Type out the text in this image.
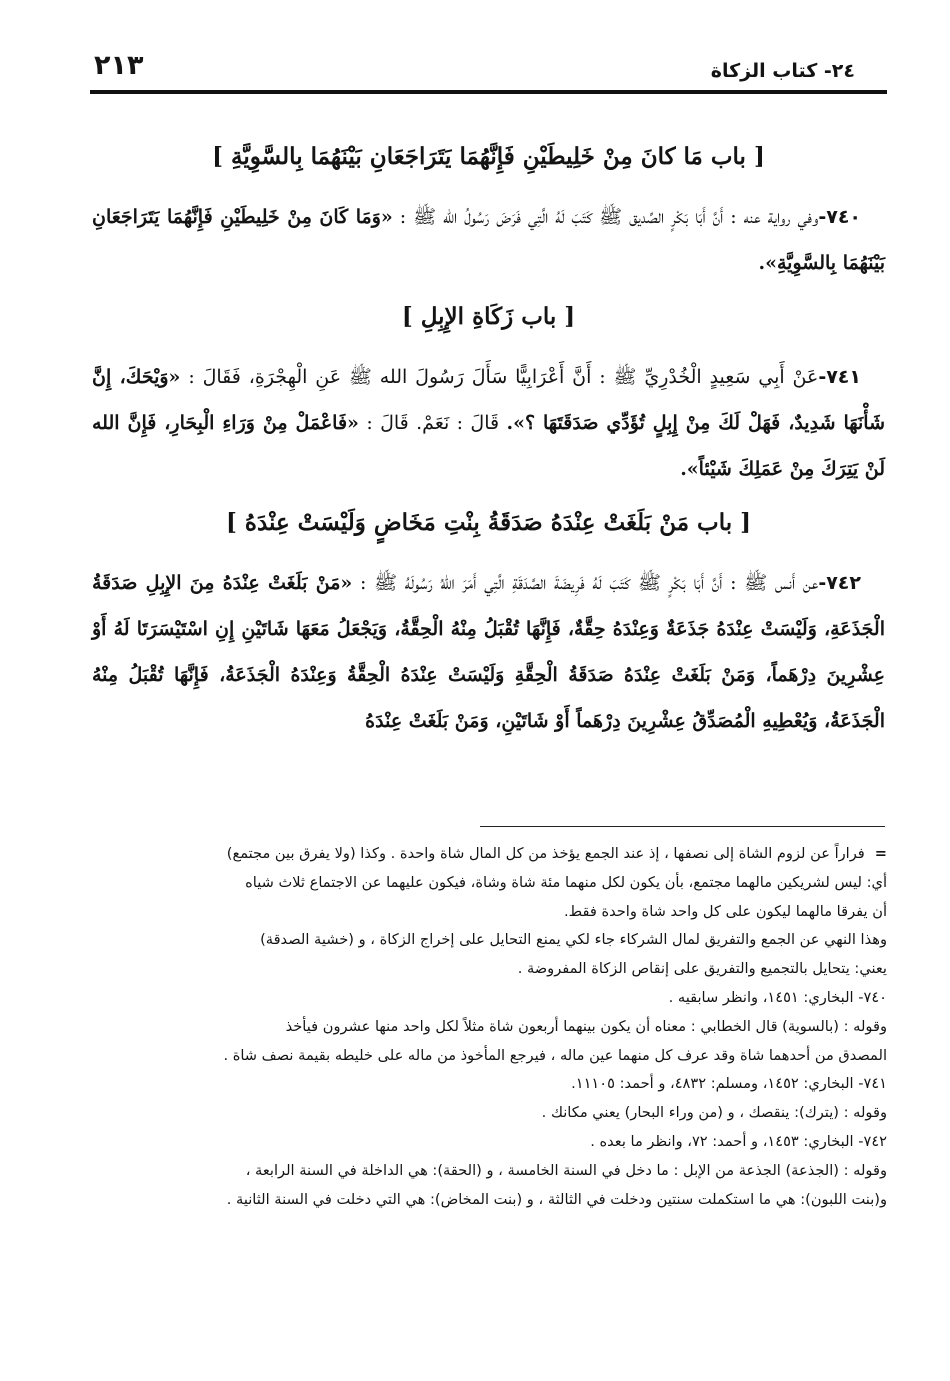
٢١٣	٢٤- كتاب الزكاة
[ باب مَا كانَ مِنْ خَلِيطَيْنِ فَإِنَّهُمَا يَتَرَاجَعَانِ بَيْنَهُمَا بِالسَّوِيَّةِ ]

٧٤٠-وفي رواية عنه : أَنَّ أَبَا بَكْرٍ الصِّديق ﷺ كَتَبَ لَهُ الَّتِي فَرَضَ رَسُولُ الله ﷺ : «وَمَا كَانَ مِنْ خَلِيطَيْنِ فَإِنَّهُمَا يَتَرَاجَعَانِ بَيْنَهُمَا بِالسَّوِيَّةِ».

[ باب زَكَاةِ الإِبِلِ ]

٧٤١-عَنْ أَبِي سَعِيدٍ الْخُدْرِيِّ ﷺ : أَنَّ أَعْرَابِيًّا سَأَلَ رَسُولَ الله ﷺ عَنِ الْهِجْرَةِ، فَقَالَ : «وَيْحَكَ، إِنَّ شَأْنَهَا شَدِيدٌ، فَهَلْ لَكَ مِنْ إِبِلٍ تُؤَدِّي صَدَقَتَهَا ؟». قَالَ : نَعَمْ. قَالَ : «فَاعْمَلْ مِنْ وَرَاءِ الْبِحَارِ، فَإِنَّ الله لَنْ يَتِرَكَ مِنْ عَمَلِكَ شَيْئاً».

[ باب مَنْ بَلَغَتْ عِنْدَهُ صَدَقَةُ بِنْتِ مَخَاضٍ وَلَيْسَتْ عِنْدَهُ ]

٧٤٢-عن أَنس ﷺ : أَنَّ أَبَا بَكْرٍ ﷺ كَتَبَ لَهُ فَرِيضَةَ الصَّدَقَةِ الَّتِي أَمَرَ اللهُ رَسُولَهُ ﷺ : «مَنْ بَلَغَتْ عِنْدَهُ مِنَ الإِبِلِ صَدَقَةُ الْجَذَعَةِ، وَلَيْسَتْ عِنْدَهُ جَذَعَةٌ وَعِنْدَهُ حِقَّةٌ، فَإِنَّهَا تُقْبَلُ مِنْهُ الْحِقَّةُ، وَيَجْعَلُ مَعَهَا شَاتَيْنِ إِنِ اسْتَيْسَرَتَا لَهُ أَوْ عِشْرِينَ دِرْهَماً، وَمَنْ بَلَغَتْ عِنْدَهُ صَدَقَةُ الْحِقَّةِ وَلَيْسَتْ عِنْدَهُ الْحِقَّةُ وَعِنْدَهُ الْجَذَعَةُ، فَإِنَّهَا تُقْبَلُ مِنْهُ الْجَذَعَةُ، وَيُعْطِيهِ الْمُصَدِّقُ عِشْرِينَ دِرْهَماً أَوْ شَاتَيْنِ، وَمَنْ بَلَغَتْ عِنْدَهُ

=فراراً عن لزوم الشاة إلى نصفها ، إذ عند الجمع يؤخذ من كل المال شاة واحدة . وكذا (ولا يفرق بين مجتمع)

أي: ليس لشريكين مالهما مجتمع، بأن يكون لكل منهما مئة شاة وشاة، فيكون عليهما عن الاجتماع ثلاث شياه

أن يفرقا مالهما ليكون على كل واحد شاة واحدة فقط.

وهذا النهي عن الجمع والتفريق لمال الشركاء جاء لكي يمنع التحايل على إخراج الزكاة ، و (خشية الصدقة)

يعني: يتحايل بالتجميع والتفريق على إنقاص الزكاة المفروضة .

٧٤٠- البخاري: ١٤٥١، وانظر سابقيه .

وقوله : (بالسوية) قال الخطابي : معناه أن يكون بينهما أربعون شاة مثلاً لكل واحد منها عشرون فيأخذ

المصدق من أحدهما شاة وقد عرف كل منهما عين ماله ، فيرجع المأخوذ من ماله على خليطه بقيمة نصف شاة .

٧٤١- البخاري: ١٤٥٢، ومسلم: ٤٨٣٢، و أحمد: ١١١٠٥.

وقوله : (يترك): ينقصك ، و (من وراء البحار) يعني مكانك .

٧٤٢- البخاري: ١٤٥٣، و أحمد: ٧٢، وانظر ما بعده .

وقوله : (الجذعة) الجذعة من الإبل : ما دخل في السنة الخامسة ، و (الحقة): هي الداخلة في السنة الرابعة ،

و(بنت اللبون): هي ما استكملت سنتين ودخلت في الثالثة ، و (بنت المخاض): هي التي دخلت في السنة الثانية .
